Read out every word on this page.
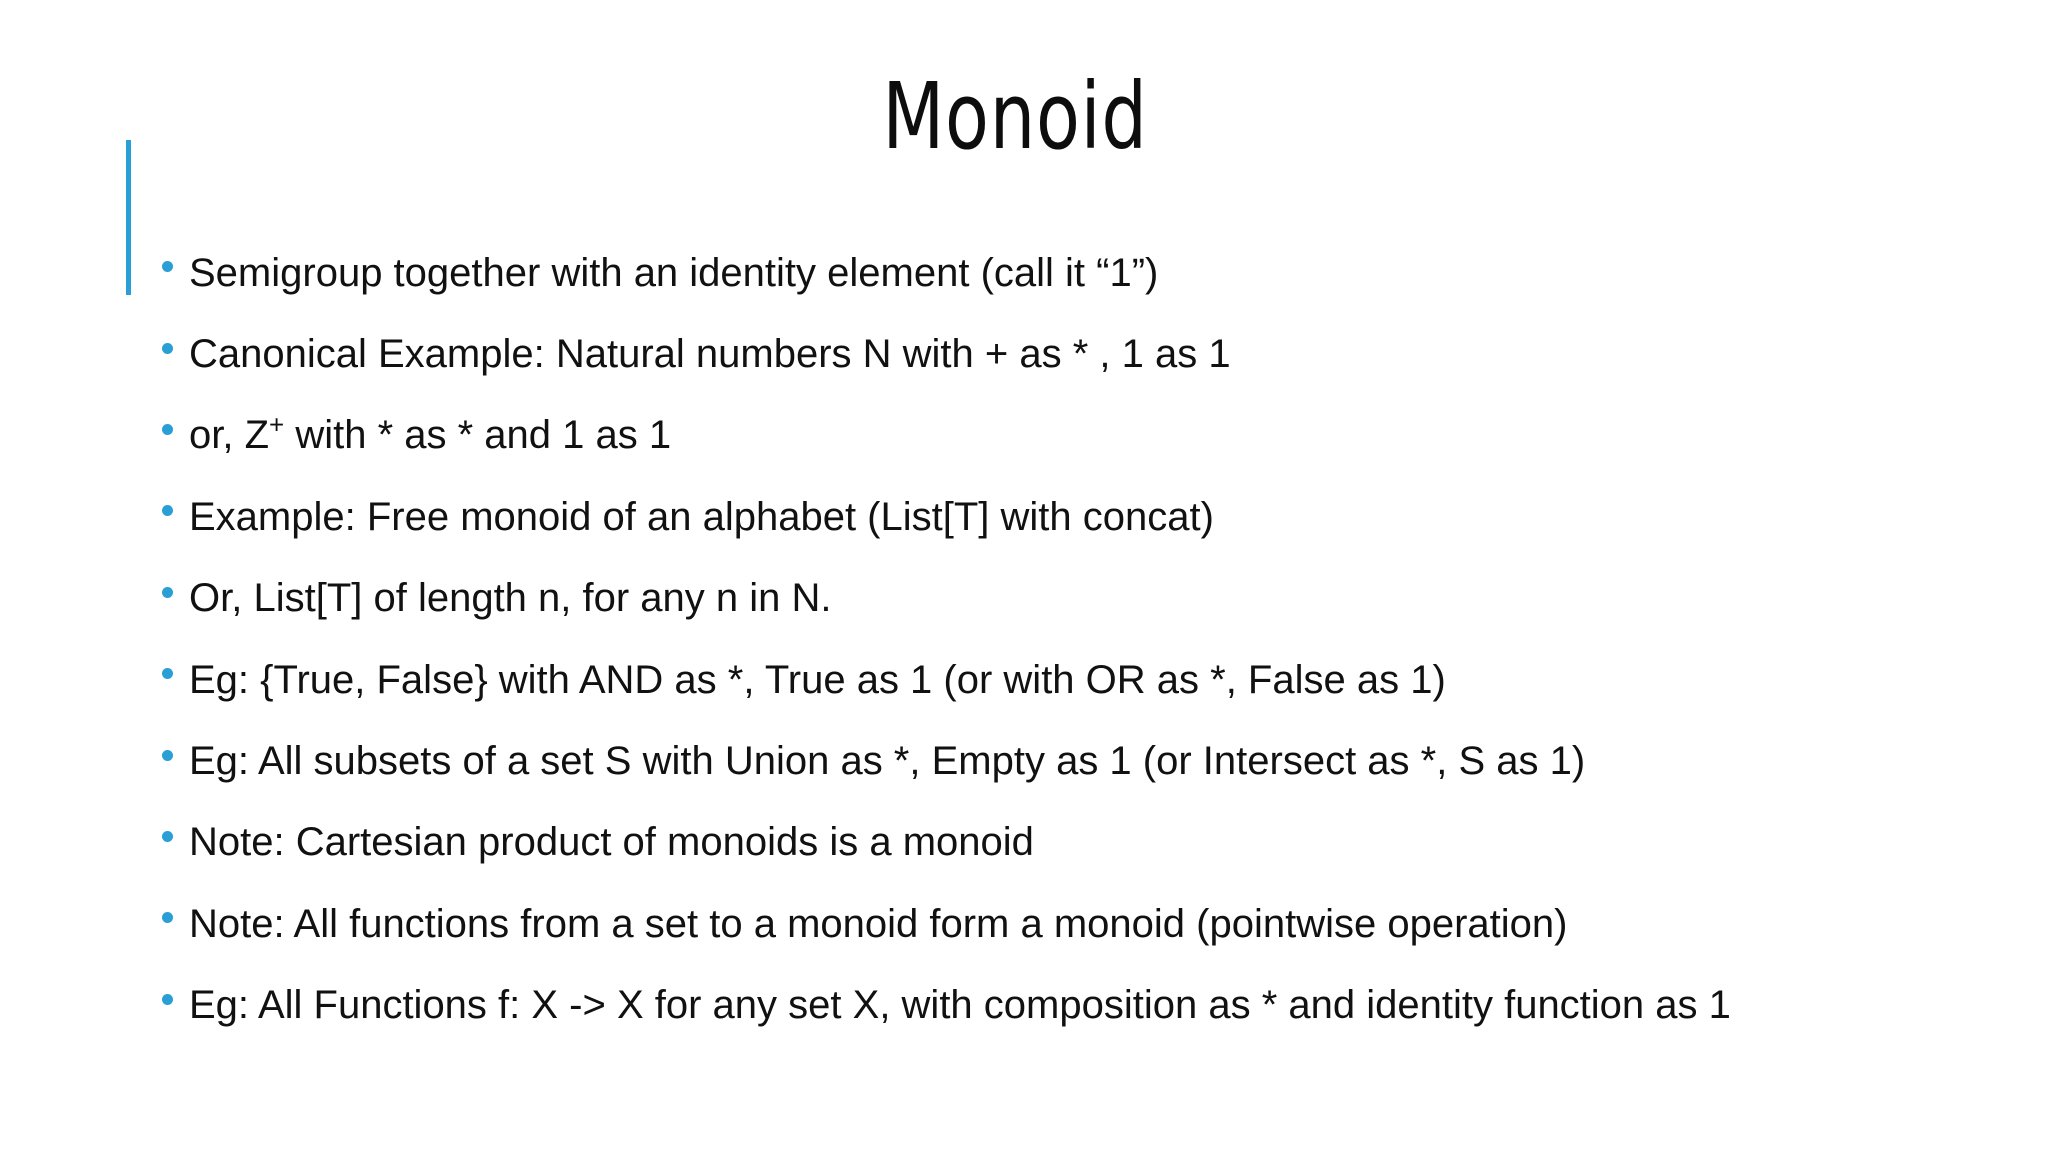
Monoid
Semigroup together with an identity element (call it “1”)
Canonical Example: Natural numbers N with + as * , 1 as 1
or, Z+ with * as * and 1 as 1
Example: Free monoid of an alphabet (List[T] with concat)
Or, List[T] of length n, for any n in N.
Eg: {True, False} with AND as *, True as 1 (or with OR as *, False as 1)
Eg: All subsets of a set S with Union as *, Empty as 1 (or Intersect as *, S as 1)
Note: Cartesian product of monoids is a monoid
Note: All functions from a set to a monoid form a monoid (pointwise operation)
Eg: All Functions f: X -> X for any set X, with composition as * and identity function as 1
